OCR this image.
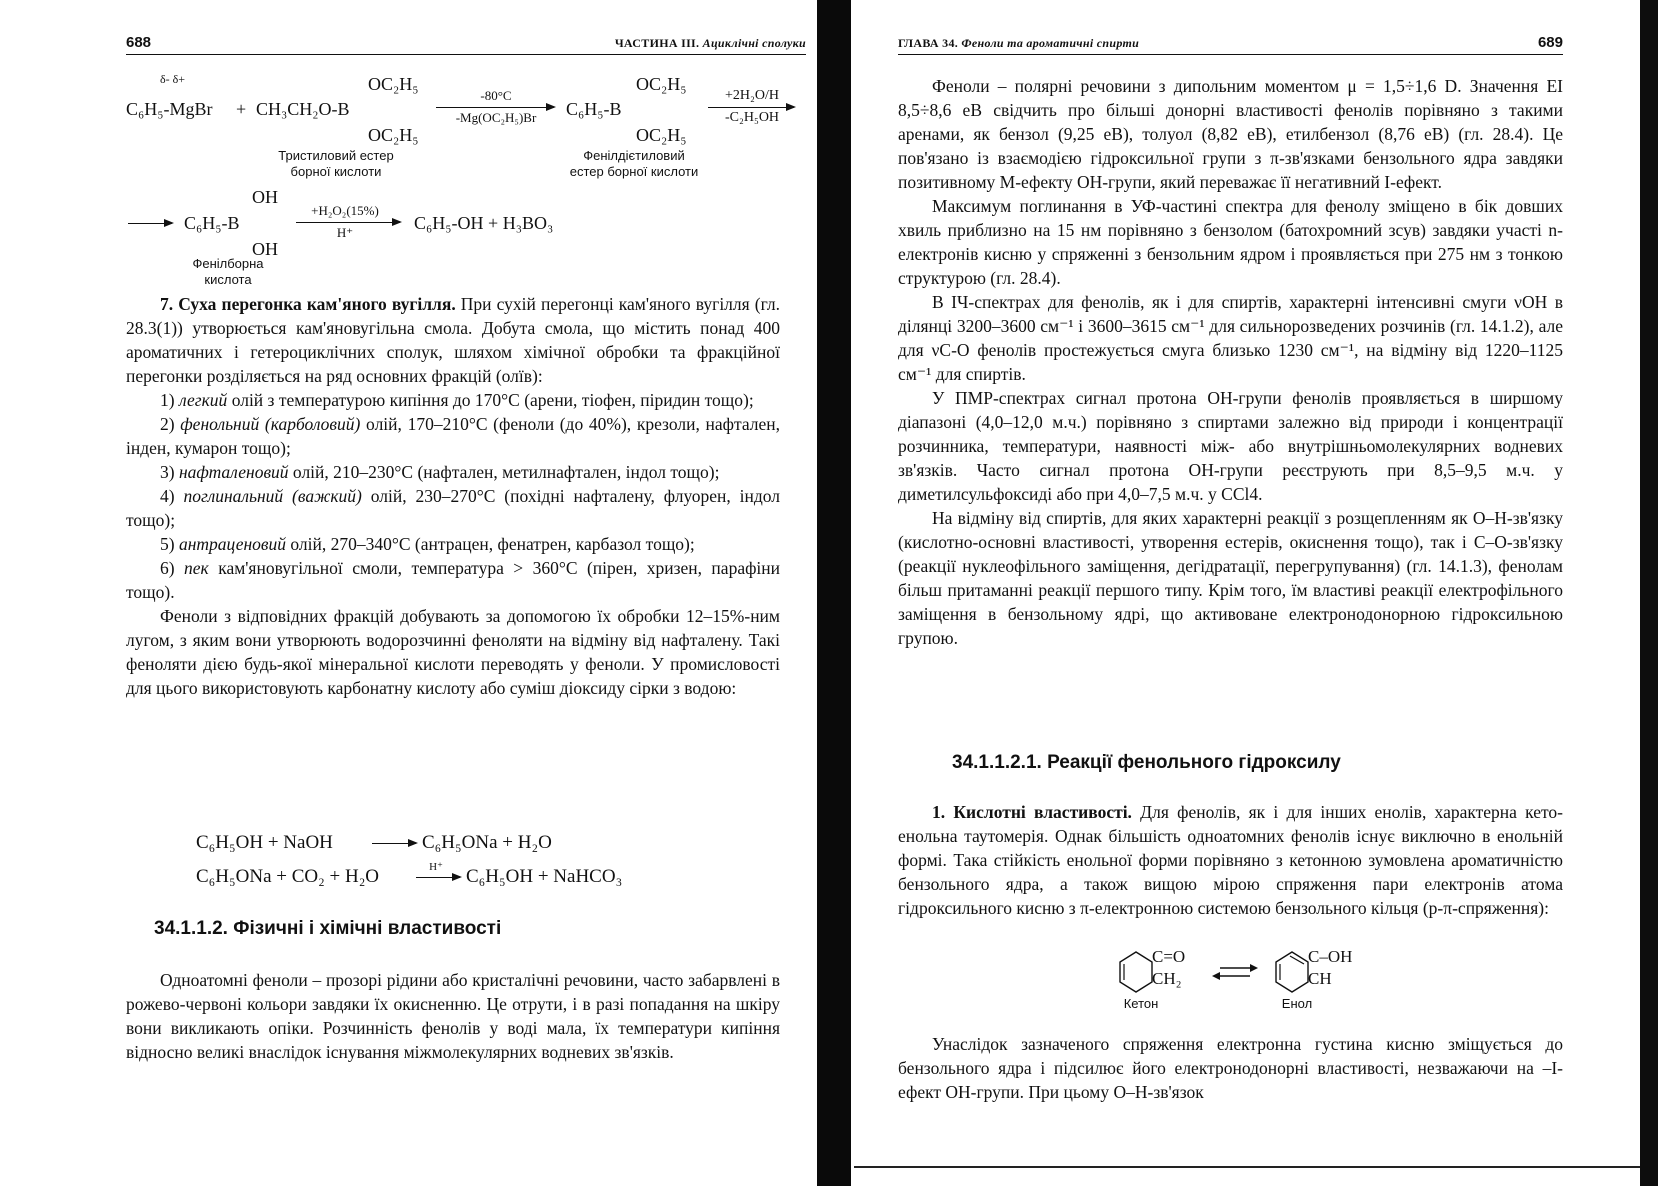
688	ЧАСТИНА III. Ациклічні сполуки
δ- δ+	OC₂H₅
C₆H₅-MgBr + CH₃CH₂O-B
OC₂H₅
-80°C
-Mg(OC₂H₅)Br
OC₂H₅
C₆H₅-B
OC₂H₅
+2H₂O/H
-C₂H₅OH
Тристиловий естер
борної кислоти
Фенілдієтиловий
естер борної кислоти
OH
C₆H₅-B
OH
+H₂O₂(15%)
H⁺	C₆H₅-OH + H₃BO₃
Фенілборна
кислота

7. Суха перегонка кам'яного вугілля. При сухій перегонці кам'яного вугілля (гл. 28.3(1)) утворюється кам'яновугільна смола. Добута смола, що містить понад 400 ароматичних і гетероциклічних сполук, шляхом хімічної обробки та фракційної перегонки розділяється на ряд основних фракцій (олїв):

1) легкий олій з температурою кипіння до 170°C (арени, тіофен, піридин тощо);

2) фенольний (карболовий) олій, 170–210°C (феноли (до 40%), крезоли, нафтален, інден, кумарон тощо);

3) нафталеновий олій, 210–230°C (нафтален, метилнафтален, індол тощо);

4) поглинальний (важкий) олій, 230–270°C (похідні нафталену, флуорен, індол тощо);

5) антраценовий олій, 270–340°C (антрацен, фенатрен, карбазол тощо);

6) пек кам'яновугільної смоли, температура > 360°C (пірен, хризен, парафіни тощо).

Феноли з відповідних фракцій добувають за допомогою їх обробки 12–15%-ним лугом, з яким вони утворюють водорозчинні феноляти на відміну від нафталену. Такі феноляти дією будь-якої мінеральної кислоти переводять у феноли. У промисловості для цього використовують карбонатну кислоту або суміш діоксиду сірки з водою:

C₆H₅OH + NaOH	C₆H₅ONa + H₂O
C₆H₅ONa + CO₂ + H₂O	H⁺	C₆H₅OH + NaHCO₃
34.1.1.2. Фізичні і хімічні властивості

Одноатомні феноли – прозорі рідини або кристалічні речовини, часто забарвлені в рожево-червоні кольори завдяки їх окисненню. Це отрути, і в разі попадання на шкіру вони викликають опіки. Розчинність фенолів у воді мала, їх температури кипіння відносно великі внаслідок існування міжмолекулярних водневих зв'язків.

ГЛАВА 34. Феноли та ароматичні спирти	689

Феноли – полярні речовини з дипольним моментом μ = 1,5÷1,6 D. Значення ЕІ 8,5÷8,6 еВ свідчить про більші донорні властивості фенолів порівняно з такими аренами, як бензол (9,25 еВ), толуол (8,82 еВ), етилбензол (8,76 еВ) (гл. 28.4). Це пов'язано із взаємодією гідроксильної групи з π-зв'язками бензольного ядра завдяки позитивному М-ефекту ОН-групи, який переважає її негативний І-ефект.

Максимум поглинання в УФ-частині спектра для фенолу зміщено в бік довших хвиль приблизно на 15 нм порівняно з бензолом (батохромний зсув) завдяки участі n-електронів кисню у спряженні з бензольним ядром і проявляється при 275 нм з тонкою структурою (гл. 28.4).

В ІЧ-спектрах для фенолів, як і для спиртів, характерні інтенсивні смуги νOH в ділянці 3200–3600 см⁻¹ і 3600–3615 см⁻¹ для сильнорозведених розчинів (гл. 14.1.2), але для νC-O фенолів простежується смуга близько 1230 см⁻¹, на відміну від 1220–1125 см⁻¹ для спиртів.

У ПМР-спектрах сигнал протона ОН-групи фенолів проявляється в ширшому діапазоні (4,0–12,0 м.ч.) порівняно з спиртами залежно від природи і концентрації розчинника, температури, наявності між- або внутрішньомолекулярних водневих зв'язків. Часто сигнал протона ОН-групи реєструють при 8,5–9,5 м.ч. у диметилсульфоксиді або при 4,0–7,5 м.ч. у CCl4.

На відміну від спиртів, для яких характерні реакції з розщепленням як О–Н-зв'язку (кислотно-основні властивості, утворення естерів, окиснення тощо), так і С–О-зв'язку (реакції нуклеофільного заміщення, дегідратації, перегрупування) (гл. 14.1.3), фенолам більш притаманні реакції першого типу. Крім того, їм властиві реакції електрофільного заміщення в бензольному ядрі, що активоване електронодонорною гідроксильною групою.

34.1.1.2.1. Реакції фенольного гідроксилу

1. Кислотні властивості. Для фенолів, як і для інших енолів, характерна кето-енольна таутомерія. Однак більшість одноатомних фенолів існує виключно в енольній формі. Така стійкість енольної форми порівняно з кетонною зумовлена ароматичністю бензольного ядра, а також вищою мірою спряження пари електронів атома гідроксильного кисню з π-електронною системою бензольного кільця (p-π-спряження):

C=O
CH₂
C–OH
CH
Кетон	Енол

Унаслідок зазначеного спряження електронна густина кисню зміщується до бензольного ядра і підсилює його електронодонорні властивості, незважаючи на –І-ефект ОН-групи. При цьому О–Н-зв'язок
